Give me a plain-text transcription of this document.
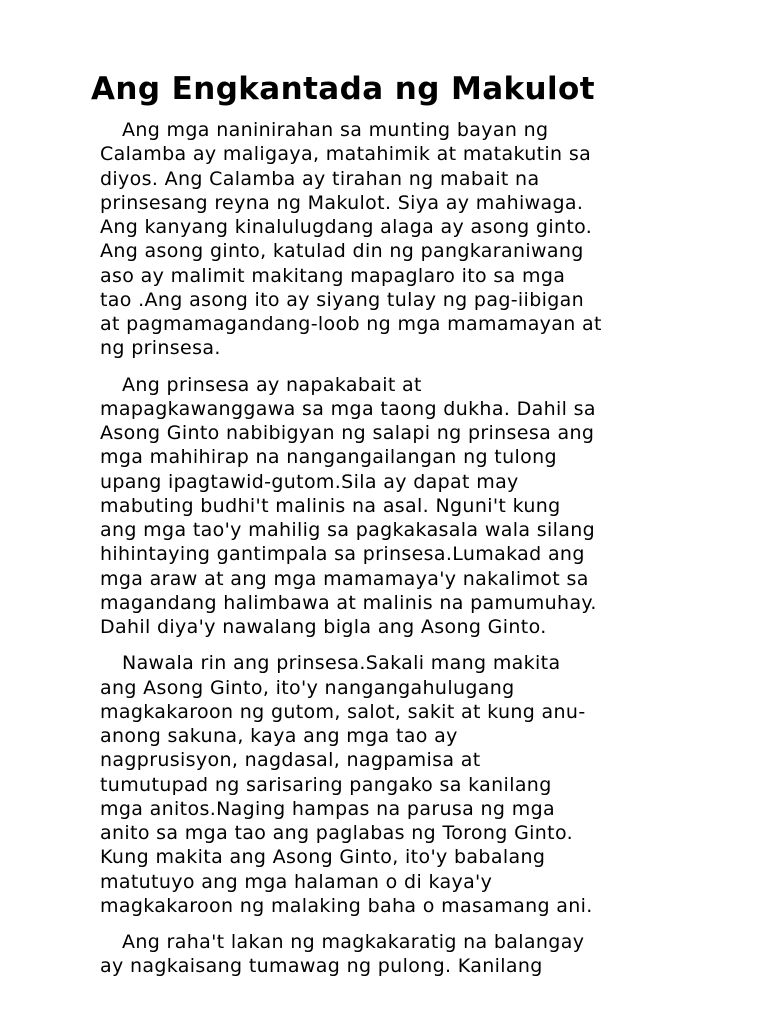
Ang Engkantada ng Makulot

Ang mga naninirahan sa munting bayan ng
Calamba ay maligaya, matahimik at matakutin sa
diyos. Ang Calamba ay tirahan ng mabait na
prinsesang reyna ng Makulot. Siya ay mahiwaga.
Ang kanyang kinalulugdang alaga ay asong ginto.
Ang asong ginto, katulad din ng pangkaraniwang
aso ay malimit makitang mapaglaro ito sa mga
tao .Ang asong ito ay siyang tulay ng pag-iibigan
at pagmamagandang-loob ng mga mamamayan at
ng prinsesa.

Ang prinsesa ay napakabait at
mapagkawanggawa sa mga taong dukha. Dahil sa
Asong Ginto nabibigyan ng salapi ng prinsesa ang
mga mahihirap na nangangailangan ng tulong
upang ipagtawid-gutom.Sila ay dapat may
mabuting budhi't malinis na asal. Nguni't kung
ang mga tao'y mahilig sa pagkakasala wala silang
hihintaying gantimpala sa prinsesa.Lumakad ang
mga araw at ang mga mamamaya'y nakalimot sa
magandang halimbawa at malinis na pamumuhay.
Dahil diya'y nawalang bigla ang Asong Ginto.

Nawala rin ang prinsesa.Sakali mang makita
ang Asong Ginto, ito'y nangangahulugang
magkakaroon ng gutom, salot, sakit at kung anu-
anong sakuna, kaya ang mga tao ay
nagprusisyon, nagdasal, nagpamisa at
tumutupad ng sarisaring pangako sa kanilang
mga anitos.Naging hampas na parusa ng mga
anito sa mga tao ang paglabas ng Torong Ginto.
Kung makita ang Asong Ginto, ito'y babalang
matutuyo ang mga halaman o di kaya'y
magkakaroon ng malaking baha o masamang ani.

Ang raha't lakan ng magkakaratig na balangay
ay nagkaisang tumawag ng pulong. Kanilang
